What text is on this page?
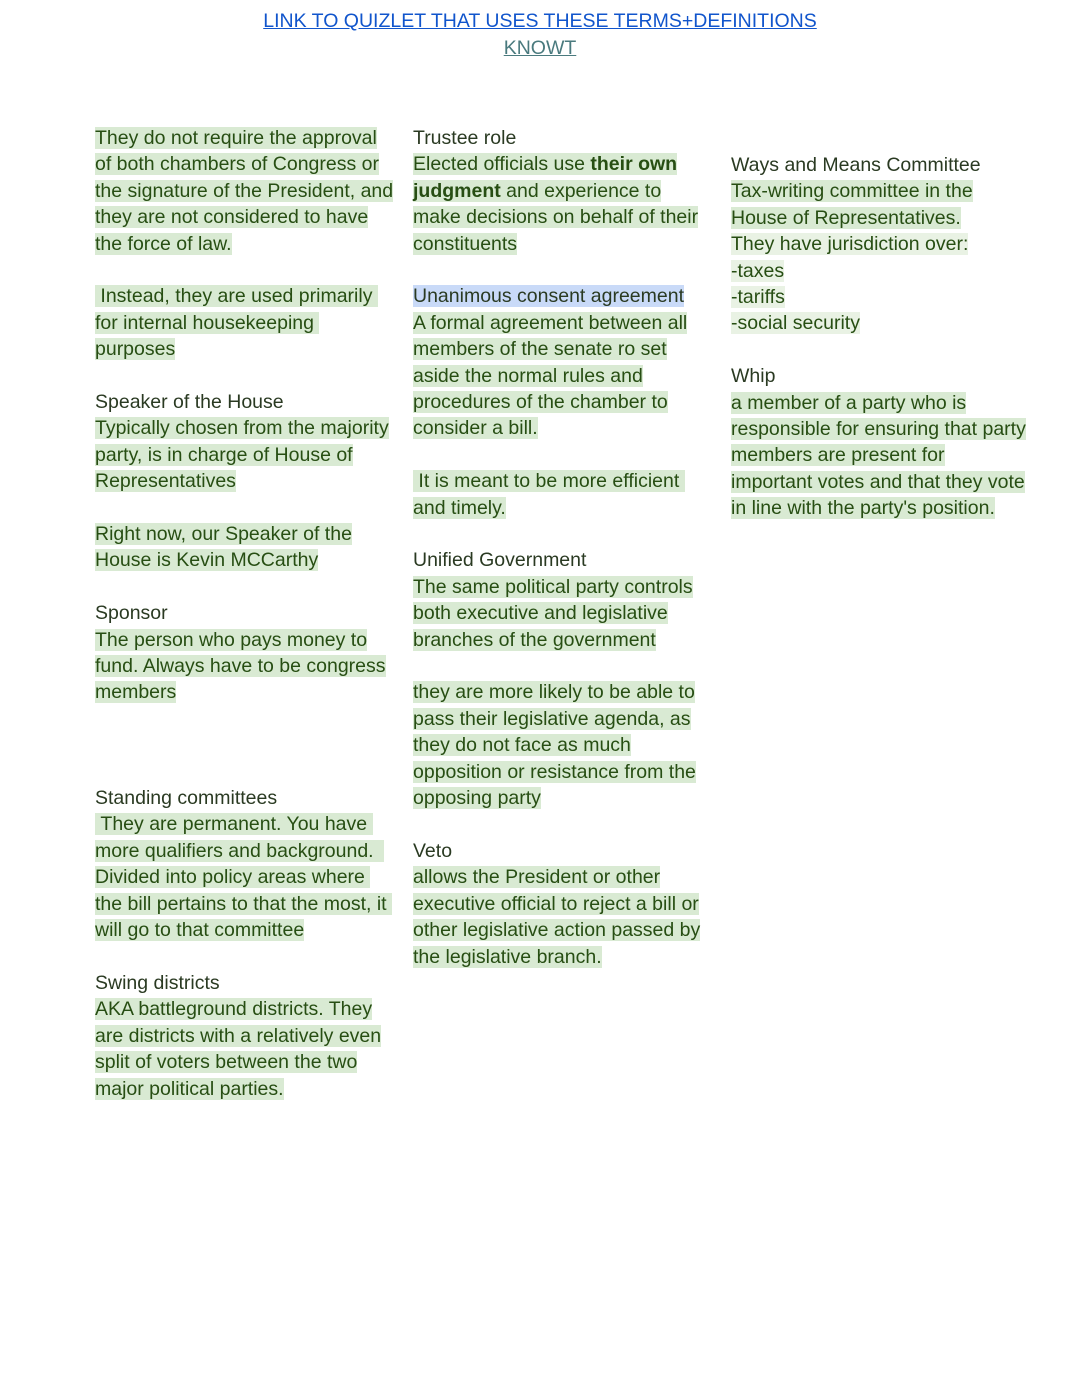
LINK TO QUIZLET THAT USES THESE TERMS+DEFINITIONS
KNOWT

They do not require the approval of both chambers of Congress or the signature of the President, and they are not considered to have the force of law.

Instead, they are used primarily for internal housekeeping purposes

Speaker of the House
Typically chosen from the majority party, is in charge of House of Representatives

Right now, our Speaker of the House is Kevin MCCarthy

Sponsor
The person who pays money to fund. Always have to be congress members
Standing committees
They are permanent. You have more qualifiers and background.  Divided into policy areas where the bill pertains to that the most, it will go to that committee
Swing districts
AKA battleground districts. They are districts with a relatively even split of voters between the two major political parties.
Trustee role
Elected officials use their own judgment and experience to make decisions on behalf of their constituents
Unanimous consent agreement
A formal agreement between all members of the senate ro set aside the normal rules and procedures of the chamber to consider a bill.

It is meant to be more efficient and timely.

Unified Government
The same political party controls both executive and legislative branches of the government

they are more likely to be able to pass their legislative agenda, as they do not face as much opposition or resistance from the opposing party

Veto
allows the President or other executive official to reject a bill or other legislative action passed by the legislative branch.
Ways and Means Committee
Tax-writing committee in the House of Representatives.
They have jurisdiction over:
-taxes
-tariffs
-social security
Whip
a member of a party who is responsible for ensuring that party members are present for important votes and that they vote in line with the party's position.
